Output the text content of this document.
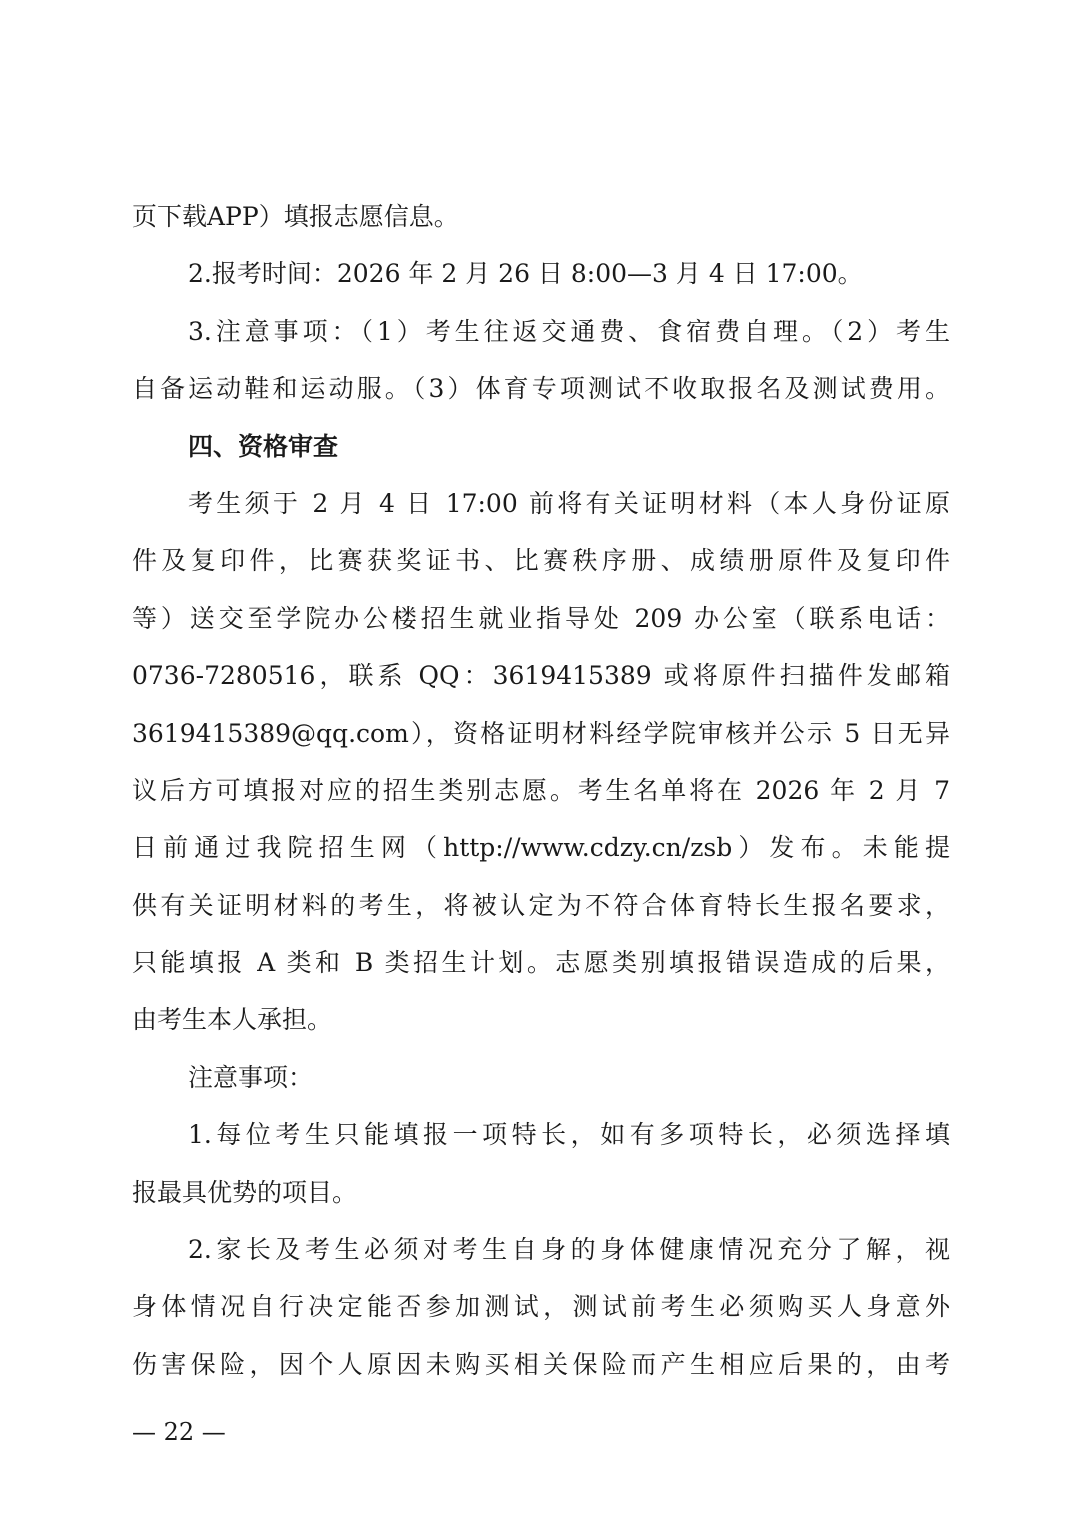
页下载APP）填报志愿信息。
2.报考时间：2026 年 2 月 26 日 8:00—3 月 4 日 17:00。
3.注意事项：（1）考生往返交通费、食宿费自理。（2）考生
自备运动鞋和运动服。（3）体育专项测试不收取报名及测试费用。
四、资格审查
考生须于 2 月 4 日 17:00 前将有关证明材料（本人身份证原
件及复印件，比赛获奖证书、比赛秩序册、成绩册原件及复印件
等）送交至学院办公楼招生就业指导处 209 办公室（联系电话：
0736-7280516，联系 QQ：3619415389 或将原件扫描件发邮箱
3619415389@qq.com），资格证明材料经学院审核并公示 5 日无异
议后方可填报对应的招生类别志愿。考生名单将在 2026 年 2 月 7
日前通过我院招生网（http://www.cdzy.cn/zsb）发布。未能提
供有关证明材料的考生，将被认定为不符合体育特长生报名要求，
只能填报 A 类和 B 类招生计划。志愿类别填报错误造成的后果，
由考生本人承担。
注意事项：
1.每位考生只能填报一项特长，如有多项特长，必须选择填
报最具优势的项目。
2.家长及考生必须对考生自身的身体健康情况充分了解，视
身体情况自行决定能否参加测试，测试前考生必须购买人身意外
伤害保险，因个人原因未购买相关保险而产生相应后果的，由考
— 22 —
